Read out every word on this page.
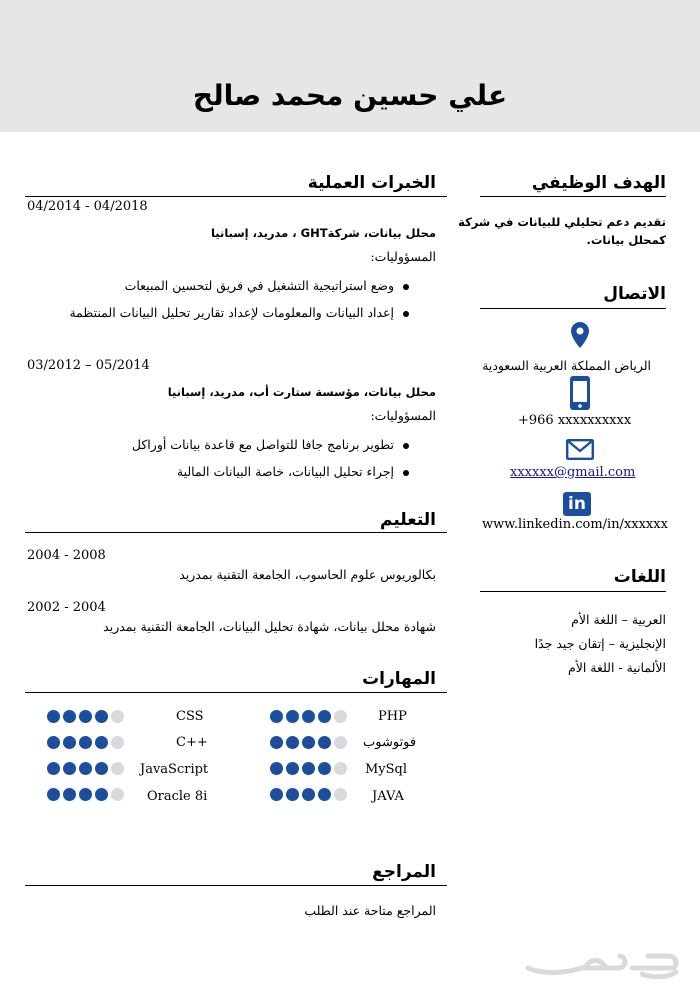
علي حسين محمد صالح
الهدف الوظيفي
تقديم دعم تحليلي للبيانات في شركة
كمحلل بيانات.
الاتصال
الرياض المملكة العربية السعودية
+966 xxxxxxxxxx
xxxxxx@gmail.com
in
www.linkedin.com/in/xxxxxx
اللغات
العربية – اللغة الأم
الإنجليزية – إتقان جيد جدًا
الألمانية - اللغة الأم
الخبرات العملية
04/2014 - 04/2018
محلل بيانات، شركةGHT ، مدريد، إسبانيا
المسؤوليات:
وضع استراتيجية التشغيل في فريق لتحسين المبيعات
إعداد البيانات والمعلومات لإعداد تقارير تحليل البيانات المنتظمة
03/2012 – 05/2014
محلل بيانات، مؤسسة ستارت أب، مدريد، إسبانيا
المسؤوليات:
تطوير برنامج جافا للتواصل مع قاعدة بيانات أوراكل
إجراء تحليل البيانات، خاصة البيانات المالية
التعليم
2004 - 2008
بكالوريوس علوم الحاسوب، الجامعة التقنية بمدريد
2002 - 2004
شهادة محلل بيانات، شهادة تحليل البيانات، الجامعة التقنية بمدريد
المهارات
PHP
فوتوشوب
MySql
JAVA
CSS
C++
JavaScript
Oracle 8i
المراجع
المراجع متاحة عند الطلب
